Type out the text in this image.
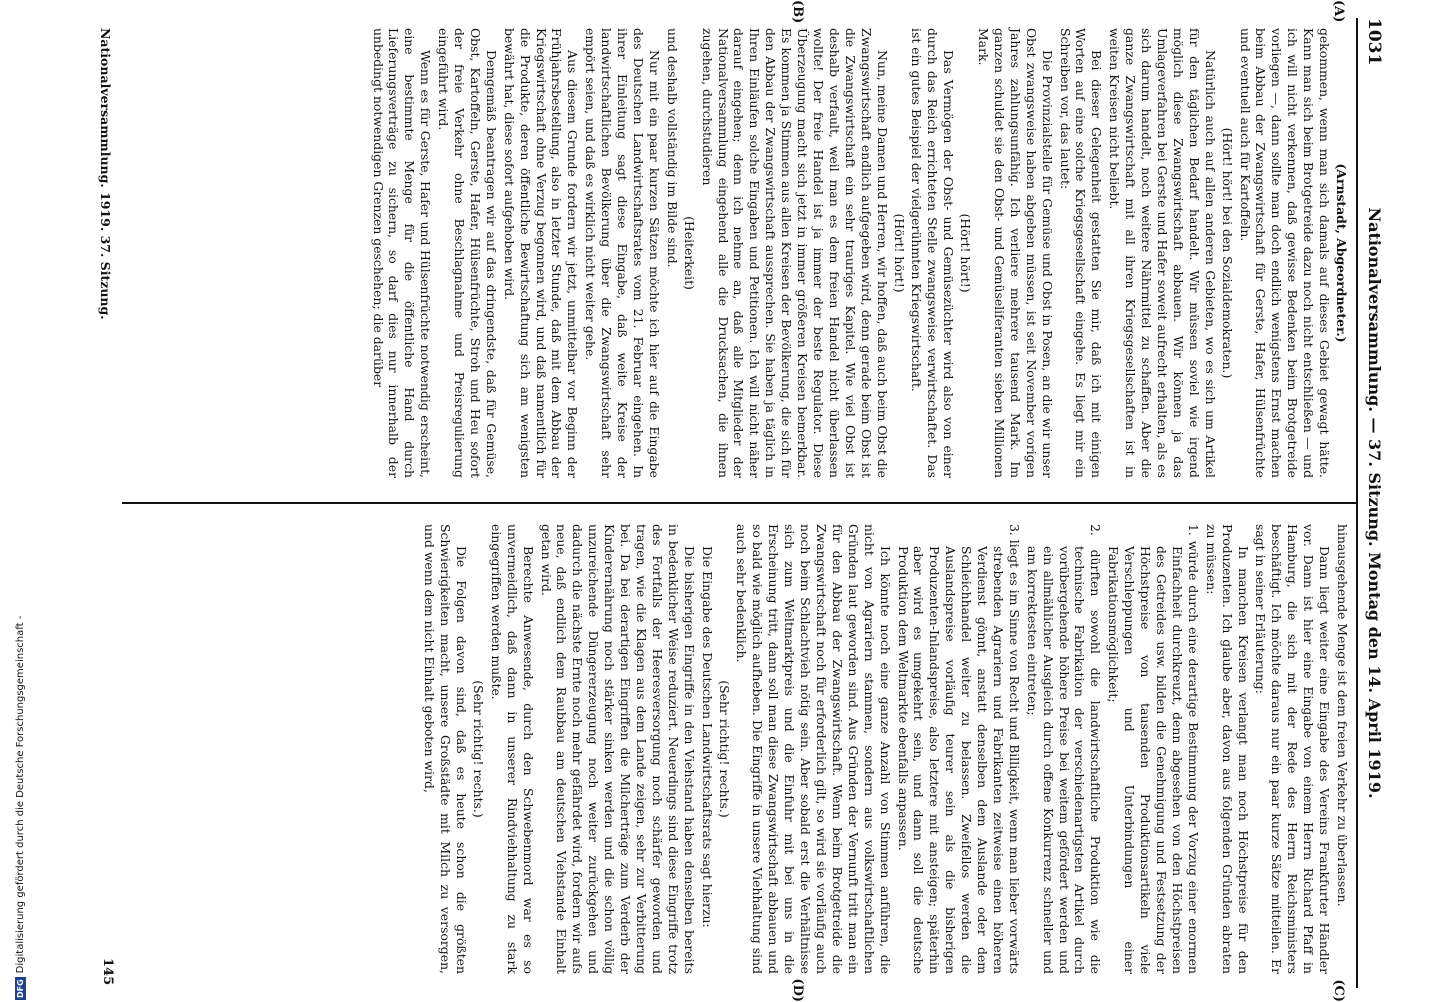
DFGDigitalisierung gefördert durch die Deutsche Forschungsgemeinschaft -
1031
Nationalversammlung. — 37. Sitzung. Montag den 14. April 1919.
(A)
(B)

(Arnstadt, Abgeordneter.)

gekommen, wenn man sich damals auf dieses Gebiet gewagt hätte. Kann man sich beim Brotgetreide dazu noch nicht entschließen — und ich will nicht verkennen, daß gewisse Bedenken beim Brotgetreide vorliegen —, dann sollte man doch endlich wenigstens Ernst machen beim Abbau der Zwangswirtschaft für Gerste, Hafer, Hülsenfrüchte und eventuell auch für Kartoffeln.

(Hört! hört! bei den Sozialdemokraten.)

Natürlich auch auf allen anderen Gebieten, wo es sich um Artikel für den täglichen Bedarf handelt. Wir müssen soviel wie irgend möglich diese Zwangswirtschaft abbauen. Wir können ja das Umlageverfahren bei Gerste und Hafer soweit aufrecht erhalten, als es sich darum handelt, noch weitere Nährmittel zu schaffen. Aber die ganze Zwangswirtschaft mit all ihren Kriegsgesellschaften ist in weiten Kreisen nicht beliebt.

Bei dieser Gelegenheit gestatten Sie mir, daß ich mit einigen Worten auf eine solche Kriegsgesellschaft eingehe. Es liegt mir ein Schreiben vor, das lautet:

Die Provinzialstelle für Gemüse und Obst in Posen, an die wir unser Obst zwangsweise haben abgeben müssen, ist seit November vorigen Jahres zahlungsunfähig. Ich verliere mehrere tausend Mark. Im ganzen schuldet sie den Obst- und Gemüseliferanten sieben Millionen Mark.

(Hört! hört!)

Das Vermögen der Obst- und Gemüsezüchter wird also von einer durch das Reich errichteten Stelle zwangsweise verwirtschaftet. Das ist ein gutes Beispiel der vielgerühmten Kriegswirtschaft.

(Hört! hört!)

Nun, meine Damen und Herren, wir hoffen, daß auch beim Obst die Zwangswirtschaft endlich aufgegeben wird, denn gerade beim Obst ist die Zwangswirtschaft ein sehr trauriges Kapitel. Wie viel Obst ist deshalb verfault, weil man es dem freien Handel nicht überlassen wollte! Der freie Handel ist ja immer der beste Regulator. Diese Überzeugung macht sich jetzt in immer größeren Kreisen bemerkbar. Es kommen ja Stimmen aus allen Kreisen der Bevölkerung, die sich für den Abbau der Zwangswirtschaft aussprechen. Sie haben ja täglich in Ihren Einläufen solche Eingaben und Petitionen. Ich will nicht näher darauf eingehen; denn ich nehme an, daß alle Mitglieder der Nationalversammlung eingehend alle die Drucksachen, die ihnen zugehen, durchstudieren

(Heiterkeit)

und deshalb vollständig im Bilde sind.

Nur mit ein paar kurzen Sätzen möchte ich hier auf die Eingabe des Deutschen Landwirtschaftsrates vom 21. Februar eingehen. In ihrer Einleitung sagt diese Eingabe, daß weite Kreise der landwirtschaftlichen Bevölkerung über die Zwangswirtschaft sehr empört seien, und daß es wirklich nicht weiter gehe.

Aus diesem Grunde fordern wir jetzt, unmittelbar vor Beginn der Frühjahrsbestellung, also in letzter Stunde, daß mit dem Abbau der Kriegswirtschaft ohne Verzug begonnen wird, und daß namentlich für die Produkte, deren öffentliche Bewirtschaftung sich am wenigsten bewährt hat, diese sofort aufgehoben wird.

Demgemäß beantragen wir auf das dringendste, daß für Gemüse, Obst, Kartoffeln, Gerste, Hafer, Hülsenfrüchte, Stroh und Heu sofort der freie Verkehr ohne Beschlagnahme und Preisregulierung eingeführt wird.

Wenn es für Gerste, Hafer und Hülsenfrüchte notwendig erscheint, eine bestimmte Menge für die öffentliche Hand durch Lieferungsverträge zu sichern, so darf dies nur innerhalb der unbedingt notwendigen Grenzen geschehen; die darüber

(C)
(D)

hinausgehende Menge ist dem freien Verkehr zu überlassen.

Dann liegt weiter eine Eingabe des Vereins Frankfurter Händler vor. Dann ist hier eine Eingabe von einem Herrn Richard Pfaff in Hamburg, die sich mit der Rede des Herrn Reichsministers beschäftigt. Ich möchte daraus nur ein paar kurze Sätze mitteilen. Er sagt in seiner Erläuterung:

In manchen Kreisen verlangt man noch Höchstpreise für den Produzenten. Ich glaube aber, davon aus folgenden Gründen abraten zu müssen:

1. würde durch eine derartige Bestimmung der Vorzug einer enormen Einfachheit durchkreuzt, denn abgesehen von den Höchstpreisen des Getreides usw. bilden die Genehmigung und Festsetzung der Höchstpreise von tausenden Produktionsartikeln viele Verschleppungen und Unterbindungen einer Fabrikationsmöglichkeit;

2. dürften sowohl die landwirtschaftliche Produktion wie die technische Fabrikation der verschiedenartigsten Artikel durch vorübergehende höhere Preise bei weitem gefördert werden und ein allmählicher Ausgleich durch offene Konkurrenz schneller und am korrektesten eintreten;

3. liegt es im Sinne von Recht und Billigkeit, wenn man lieber vorwärts strebenden Agrariern und Fabrikanten zeitweise einen höheren Verdienst gönnt, anstatt denselben dem Auslande oder dem Schleichhandel weiter zu belassen. Zweifellos werden die Auslandspreise vorläufig teurer sein als die bisherigen Produzenten-Inlandspreise, also letztere mit ansteigen; späterhin aber wird es umgekehrt sein, und dann soll die deutsche Produktion dem Weltmarkte ebenfalls anpassen.

Ich könnte noch eine ganze Anzahl von Stimmen anführen, die nicht von Agrariern stammen, sondern aus volkswirtschaftlichen Gründen laut geworden sind. Aus Gründen der Vernunft tritt man ein für den Abbau der Zwangswirtschaft. Wenn beim Brotgetreide die Zwangswirtschaft noch für erforderlich gilt, so wird sie vorläufig auch noch beim Schlachtvieh nötig sein. Aber sobald erst die Verhältnisse sich zum Weltmarktpreis und die Einfuhr mit bei uns in die Erscheinung tritt, dann soll man diese Zwangswirtschaft abbauen und so bald wie möglich aufheben. Die Eingriffe in unsere Viehhaltung sind auch sehr bedenklich.

(Sehr richtig! rechts.)

Die Eingabe des Deutschen Landwirtschaftsrats sagt hierzu:

Die bisherigen Eingriffe in den Viehstand haben denselben bereits in bedenklicher Weise reduziert. Neuerdings sind diese Eingriffe trotz des Fortfalls der Heeresversorgung noch schärfer geworden und tragen, wie die Klagen aus dem Lande zeigen, sehr zur Verbitterung bei. Da bei derartigen Eingriffen die Milcherträge zum Verderb der Kinderernährung noch stärker sinken werden und die schon völlig unzureichende Düngererzeugung noch weiter zurückgehen und dadurch die nächste Ernte noch mehr gefährdet wird, fordern wir aufs neue, daß endlich dem Raubbau am deutschen Viehstande Einhalt getan wird.

Berechte Anwesende, durch den Schwebenmord war es so unvermeidlich, daß dann in unserer Rindviehhaltung zu stark eingegriffen werden mußte.

(Sehr richtig! rechts.)

Die Folgen davon sind, daß es heute schon die größten Schwierigkeiten macht, unsere Großstädte mit Milch zu versorgen, und wenn dem nicht Einhalt geboten wird,

Nationalversammlung. 1919. 37. Sitzung.
145
